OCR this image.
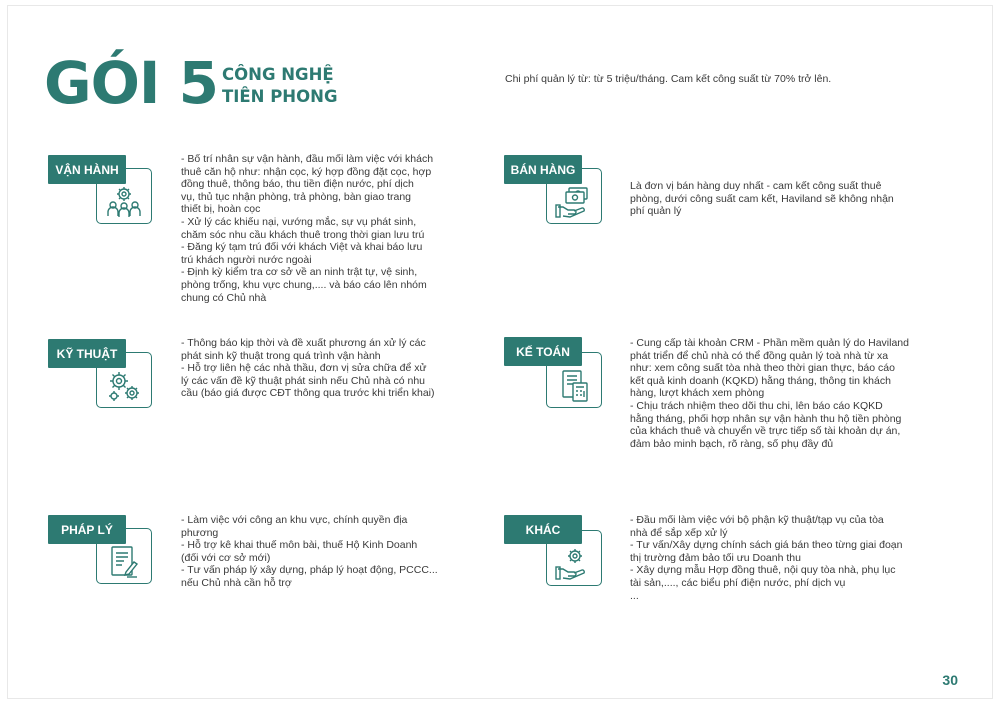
GÓI 5 CÔNG NGHỆ
TIÊN PHONG
Chi phí quản lý từ: từ 5 triệu/tháng. Cam kết công suất từ 70% trở lên.
VẬN HÀNH
- Bố trí nhân sự vận hành, đầu mối làm việc với khách
thuê căn hộ như: nhận cọc, ký hợp đồng đặt cọc, hợp
đồng thuê, thông báo, thu tiền điện nước, phí dịch
vụ, thủ tục nhận phòng, trả phòng, bàn giao trang
thiết bị, hoàn cọc
- Xử lý các khiếu nại, vướng mắc, sự vụ phát sinh,
chăm sóc nhu cầu khách thuê trong thời gian lưu trú
- Đăng ký tạm trú đối với khách Việt và khai báo lưu
trú khách người nước ngoài
- Định kỳ kiểm tra cơ sở về an ninh trật tự, vệ sinh,
phòng trống, khu vực chung,.... và báo cáo lên nhóm
chung có Chủ nhà
BÁN HÀNG
Là đơn vị bán hàng duy nhất - cam kết công suất thuê
phòng, dưới công suất cam kết, Haviland sẽ không nhận
phí quản lý
KỸ THUẬT
- Thông báo kịp thời và đề xuất phương án xử lý các
phát sinh kỹ thuật trong quá trình vận hành
- Hỗ trợ liên hệ các nhà thầu, đơn vị sửa chữa để xử
lý các vấn đề kỹ thuật phát sinh nếu Chủ nhà có nhu
cầu (báo giá được CĐT thông qua trước khi triển khai)
KẾ TOÁN
- Cung cấp tài khoản CRM - Phần mềm quản lý do Haviland
phát triển để chủ nhà có thể đồng quản lý toà nhà từ xa
như: xem công suất tòa nhà theo thời gian thực, báo cáo
kết quả kinh doanh (KQKD) hằng tháng, thông tin khách
hàng, lượt khách xem phòng
- Chịu trách nhiệm theo dõi thu chi, lên báo cáo KQKD
hằng tháng, phối hợp nhân sự vận hành thu hộ tiền phòng
của khách thuê và chuyển về trực tiếp số tài khoản dự án,
đảm bảo minh bạch, rõ ràng, số phụ đầy đủ
PHÁP LÝ
- Làm việc với công an khu vực, chính quyền địa
phương
- Hỗ trợ kê khai thuế môn bài, thuế Hộ Kinh Doanh
(đối với cơ sở mới)
- Tư vấn pháp lý xây dựng, pháp lý hoạt động, PCCC...
nếu Chủ nhà cần hỗ trợ
KHÁC
- Đầu mối làm việc với bộ phận kỹ thuật/tạp vụ của tòa
nhà để sắp xếp xử lý
- Tư vấn/Xây dựng chính sách giá bán theo từng giai đoạn
thị trường đảm bảo tối ưu Doanh thu
- Xây dựng mẫu Hợp đồng thuê, nội quy tòa nhà, phụ lục
tài sản,...., các biểu phí điện nước, phí dịch vụ
...
30
